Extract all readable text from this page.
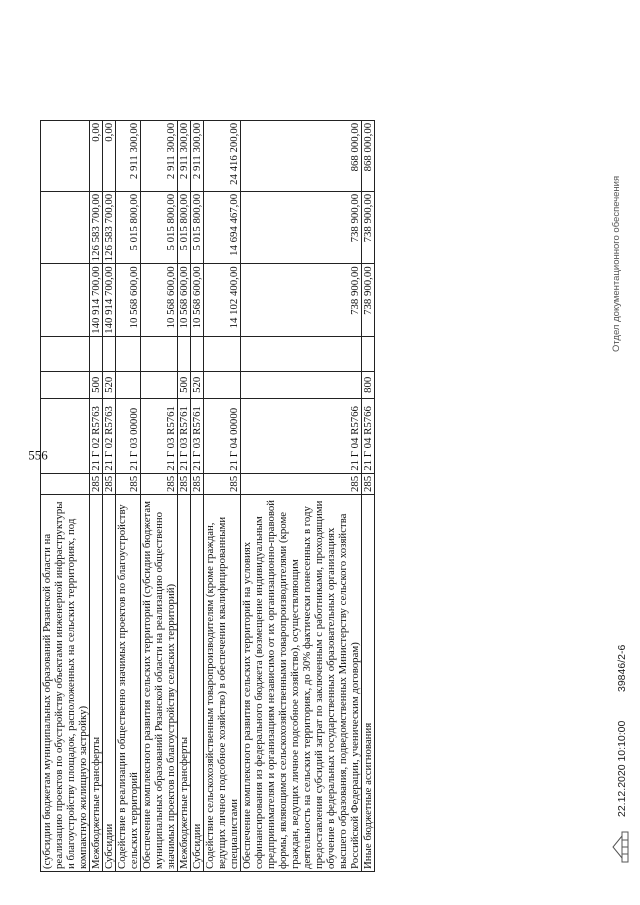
556
(субсидии бюджетам муниципальных образований Рязанской области на реализацию проектов по обустройству объектами инженерной инфраструктуры и благоустройству площадок, расположенных на сельских территориях, под компактную жилищную застройку)							
Межбюджетные трансферты	285	21 Г 02 R5763	500		140 914 700,00	126 583 700,00	0,00
Субсидии	285	21 Г 02 R5763	520		140 914 700,00	126 583 700,00	0,00
Содействие в реализации общественно значимых проектов по благоустройству сельских территорий	285	21 Г 03 00000			10 568 600,00	5 015 800,00	2 911 300,00
Обеспечение комплексного развития сельских территорий (субсидии бюджетам муниципальных образований Рязанской области на реализацию общественно значимых проектов по благоустройству сельских территорий)	285	21 Г 03 R5761			10 568 600,00	5 015 800,00	2 911 300,00
Межбюджетные трансферты	285	21 Г 03 R5761	500		10 568 600,00	5 015 800,00	2 911 300,00
Субсидии	285	21 Г 03 R5761	520		10 568 600,00	5 015 800,00	2 911 300,00
Содействие сельскохозяйственным товаропроизводителям (кроме граждан, ведущих личное подсобное хозяйство) в обеспечении квалифицированными специалистами	285	21 Г 04 00000			14 102 400,00	14 694 467,00	24 416 200,00
Обеспечение комплексного развития сельских территорий на условиях софинансирования из федерального бюджета (возмещение индивидуальным предпринимателям и организациям независимо от их организационно-правовой формы, являющимся сельскохозяйственными товаропроизводителями (кроме граждан, ведущих личное подсобное хозяйство), осуществляющим деятельность на сельских территориях, до 30% фактически понесенных в году предоставления субсидий затрат по заключенным с работниками, проходящими обучение в федеральных государственных образовательных организациях высшего образования, подведомственных Министерству сельского хозяйства Российской Федерации, ученическим договорам)	285	21 Г 04 R5766			738 900,00	738 900,00	868 000,00
Иные бюджетные ассигнования	285	21 Г 04 R5766	800		738 900,00	738 900,00	868 000,00
22.12.2020 10:10:00
39846/2-6
Отдел документационного обеспечения
